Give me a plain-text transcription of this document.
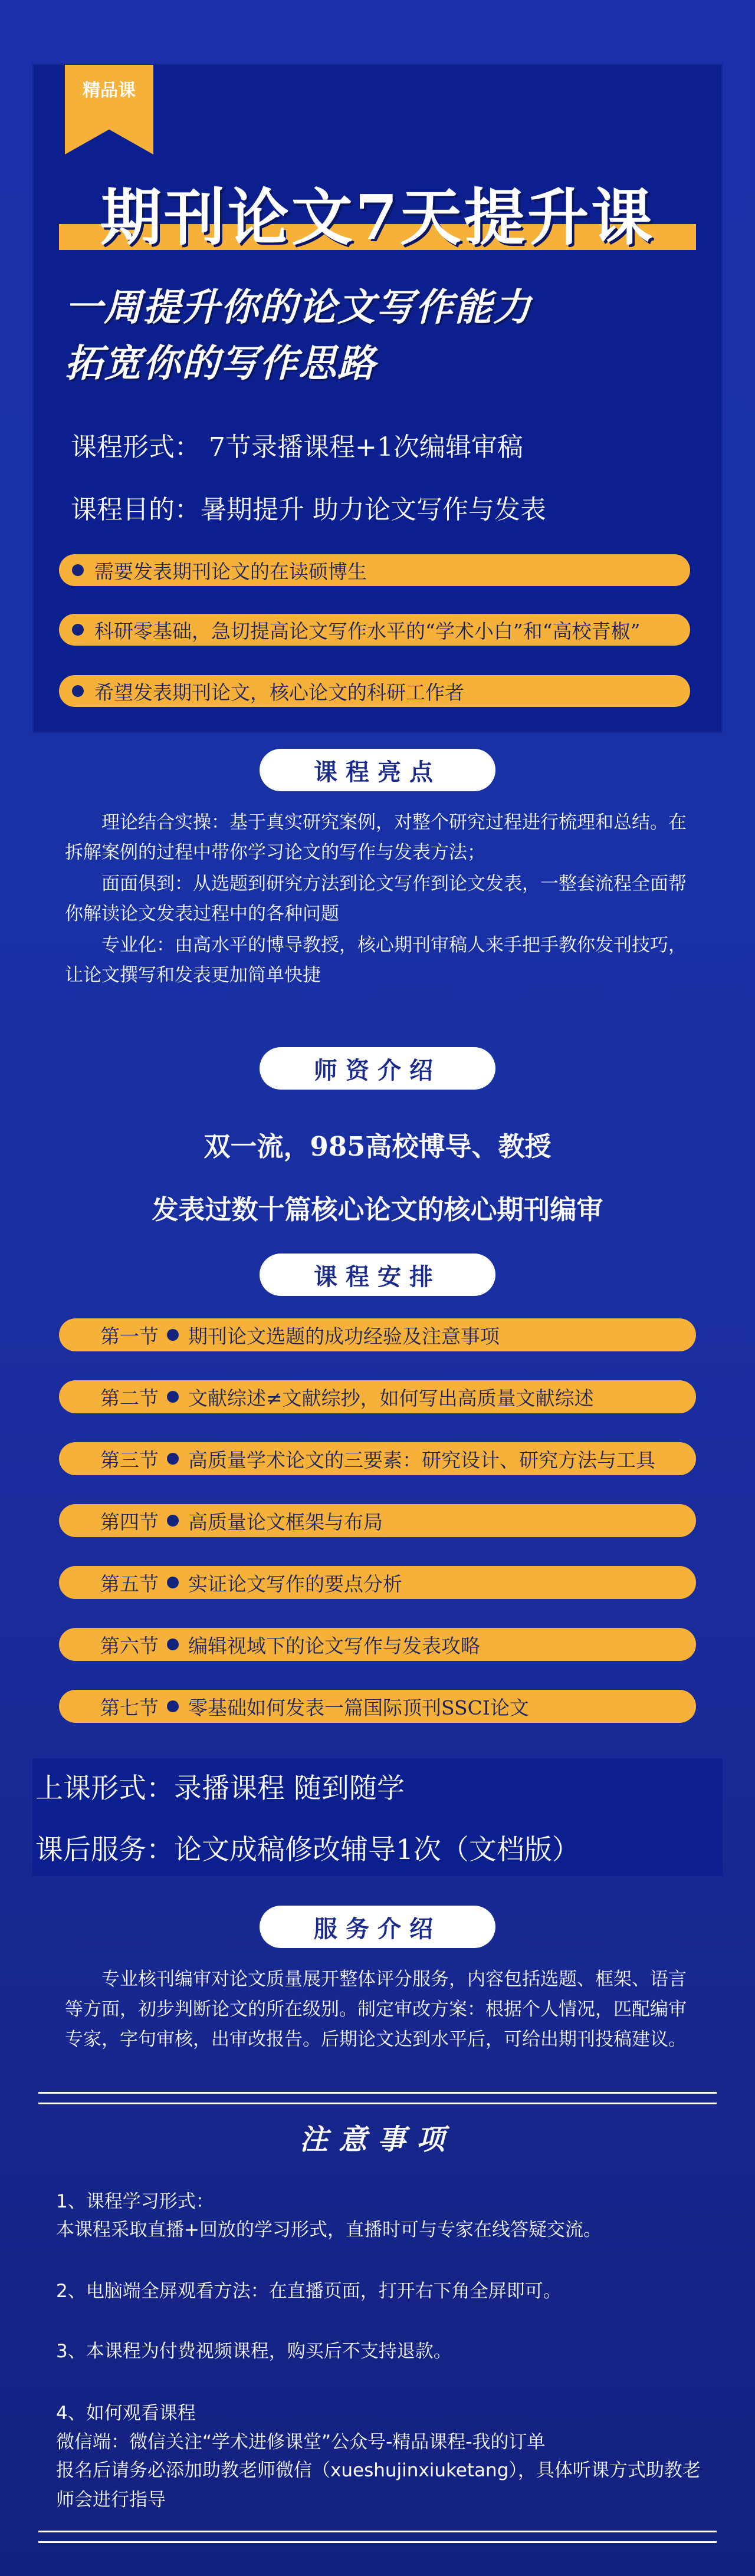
精品课
期刊论文7天提升课
一周提升你的论文写作能力
拓宽你的写作思路
课程形式： 7节录播课程+1次编辑审稿
课程目的：暑期提升 助力论文写作与发表
需要发表期刊论文的在读硕博生
科研零基础，急切提高论文写作水平的“学术小白”和“高校青椒”
希望发表期刊论文，核心论文的科研工作者
课程亮点
理论结合实操：基于真实研究案例，对整个研究过程进行梳理和总结。在拆解案例的过程中带你学习论文的写作与发表方法；
面面俱到：从选题到研究方法到论文写作到论文发表，一整套流程全面帮你解读论文发表过程中的各种问题
专业化：由高水平的博导教授，核心期刊审稿人来手把手教你发刊技巧，让论文撰写和发表更加简单快捷
师资介绍
双一流，985高校博导、教授
发表过数十篇核心论文的核心期刊编审
课程安排
第一节 期刊论文选题的成功经验及注意事项
第二节 文献综述≠文献综抄，如何写出高质量文献综述
第三节 高质量学术论文的三要素：研究设计、研究方法与工具
第四节 高质量论文框架与布局
第五节 实证论文写作的要点分析
第六节 编辑视域下的论文写作与发表攻略
第七节 零基础如何发表一篇国际顶刊SSCI论文
上课形式：录播课程 随到随学
课后服务：论文成稿修改辅导1次（文档版）
服务介绍
专业核刊编审对论文质量展开整体评分服务，内容包括选题、框架、语言等方面，初步判断论文的所在级别。制定审改方案：根据个人情况，匹配编审专家，字句审核，出审改报告。后期论文达到水平后，可给出期刊投稿建议。
注意事项
1、课程学习形式：
本课程采取直播+回放的学习形式，直播时可与专家在线答疑交流。
2、电脑端全屏观看方法：在直播页面，打开右下角全屏即可。
3、本课程为付费视频课程，购买后不支持退款。
4、如何观看课程
微信端：微信关注“学术进修课堂”公众号-精品课程-我的订单
报名后请务必添加助教老师微信（xueshujinxiuketang），具体听课方式助教老
师会进行指导
